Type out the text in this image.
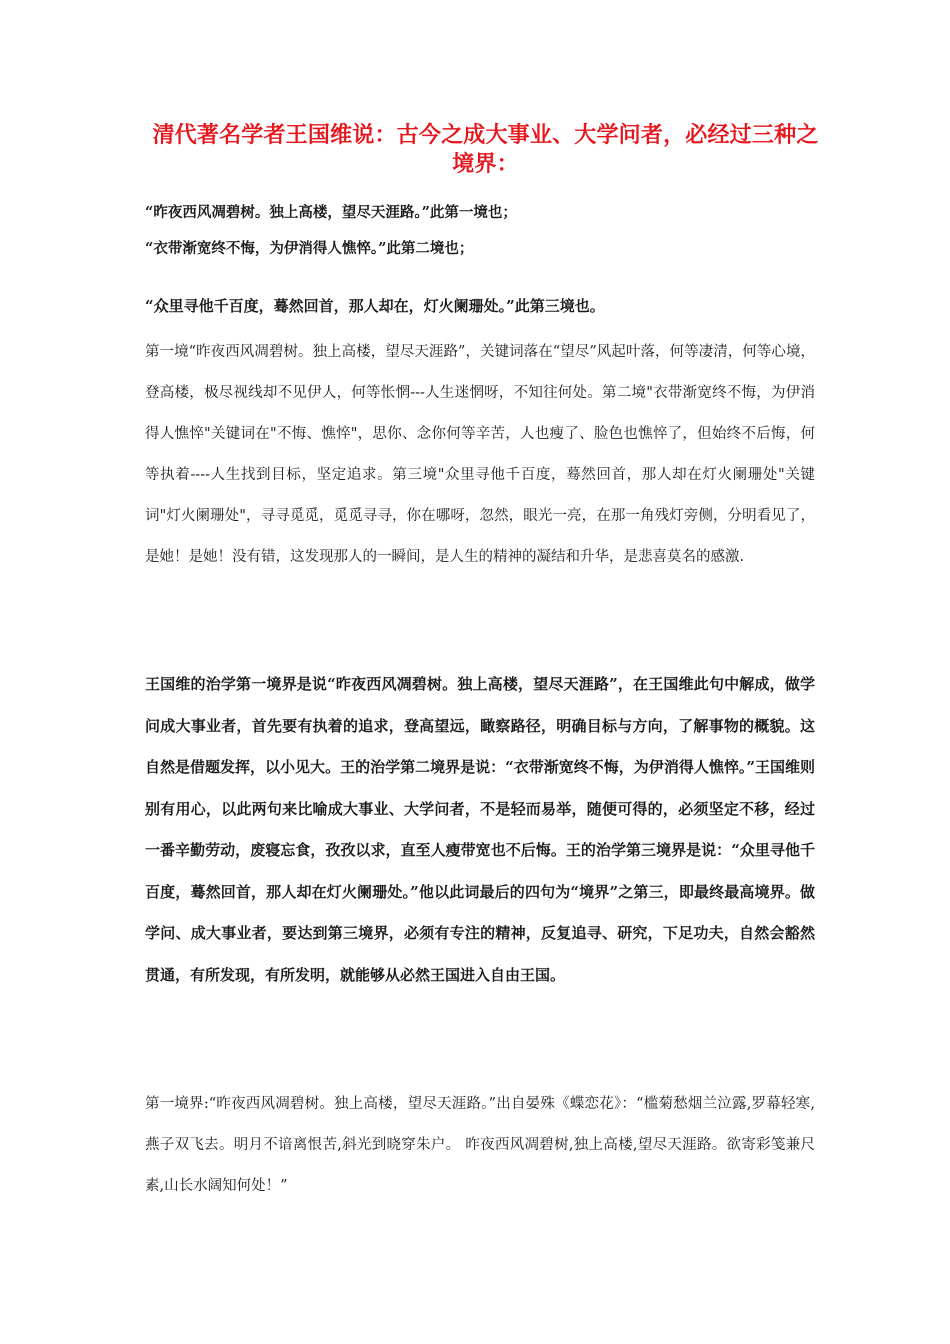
清代著名学者王国维说：古今之成大事业、大学问者，必经过三种之境界：
“昨夜西风凋碧树。独上高楼，望尽天涯路。”此第一境也；
“衣带渐宽终不悔，为伊消得人憔悴。”此第二境也；
“众里寻他千百度，蓦然回首，那人却在，灯火阑珊处。”此第三境也。

第一境“昨夜西风凋碧树。独上高楼，望尽天涯路”，关键词落在“望尽”风起叶落，何等凄清，何等心境，登高楼，极尽视线却不见伊人，何等怅惘---人生迷惘呀，不知往何处。第二境"衣带渐宽终不悔，为伊消得人憔悴"关键词在"不悔、憔悴"，思你、念你何等辛苦，人也瘦了、脸色也憔悴了，但始终不后悔，何等执着----人生找到目标，坚定追求。第三境"众里寻他千百度，蓦然回首，那人却在灯火阑珊处"关键词"灯火阑珊处"，寻寻觅觅，觅觅寻寻，你在哪呀，忽然，眼光一亮，在那一角残灯旁侧，分明看见了，是她！是她！没有错，这发现那人的一瞬间，是人生的精神的凝结和升华，是悲喜莫名的感激.

王国维的治学第一境界是说“昨夜西风凋碧树。独上高楼，望尽天涯路”，在王国维此句中解成，做学问成大事业者，首先要有执着的追求，登高望远，瞰察路径，明确目标与方向，了解事物的概貌。这自然是借题发挥，以小见大。王的治学第二境界是说：“衣带渐宽终不悔，为伊消得人憔悴。”王国维则别有用心，以此两句来比喻成大事业、大学问者，不是轻而易举，随便可得的，必须坚定不移，经过一番辛勤劳动，废寝忘食，孜孜以求，直至人瘦带宽也不后悔。王的治学第三境界是说：“众里寻他千百度，蓦然回首，那人却在灯火阑珊处。”他以此词最后的四句为“境界”之第三，即最终最高境界。做学问、成大事业者，要达到第三境界，必须有专注的精神，反复追寻、研究，下足功夫，自然会豁然贯通，有所发现，有所发明，就能够从必然王国进入自由王国。

第一境界:“昨夜西风凋碧树。独上高楼，望尽天涯路。”出自晏殊《蝶恋花》：“槛菊愁烟兰泣露,罗幕轻寒,燕子双飞去。明月不谙离恨苦,斜光到晓穿朱户。 昨夜西风凋碧树,独上高楼,望尽天涯路。欲寄彩笺兼尺素,山长水阔知何处！”
